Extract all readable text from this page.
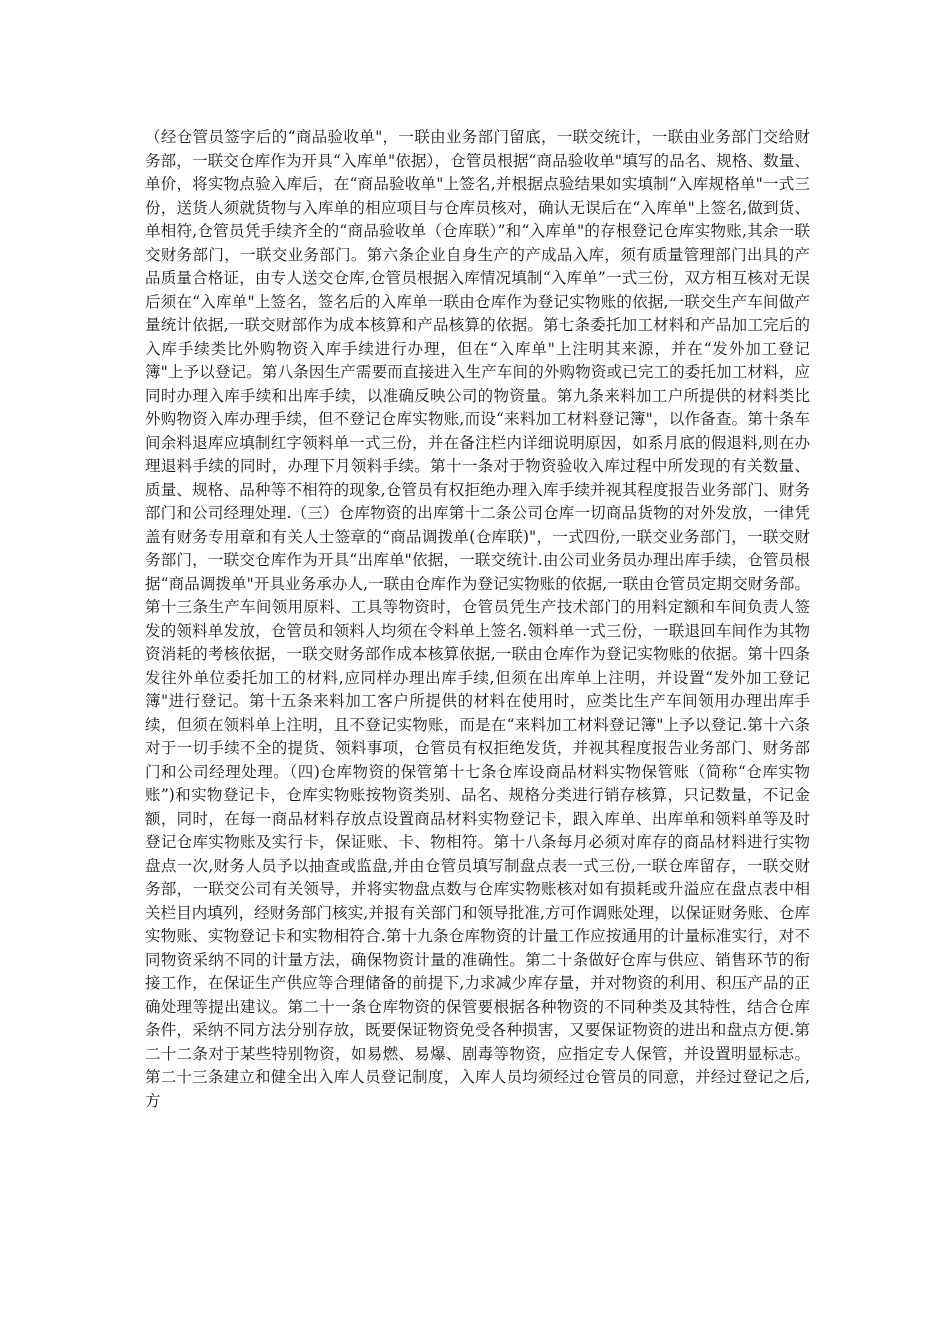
（经仓管员签字后的“商品验收单"，一联由业务部门留底，一联交统计，一联由业务部门交给财务部，一联交仓库作为开具“入库单"依据），仓管员根据“商品验收单"填写的品名、规格、数量、单价，将实物点验入库后，在“商品验收单"上签名,并根据点验结果如实填制“入库规格单"一式三份，送货人须就货物与入库单的相应项目与仓库员核对，确认无误后在“入库单"上签名,做到货、单相符,仓管员凭手续齐全的“商品验收单（仓库联）”和“入库单"的存根登记仓库实物账,其余一联交财务部门，一联交业务部门。第六条企业自身生产的产成品入库，须有质量管理部门出具的产品质量合格证，由专人送交仓库,仓管员根据入库情况填制“入库单”一式三份，双方相互核对无误后须在“入库单"上签名，签名后的入库单一联由仓库作为登记实物账的依据,一联交生产车间做产量统计依据,一联交财部作为成本核算和产品核算的依据。第七条委托加工材料和产品加工完后的入库手续类比外购物资入库手续进行办理，但在“入库单"上注明其来源，并在“发外加工登记簿"上予以登记。第八条因生产需要而直接进入生产车间的外购物资或已完工的委托加工材料，应同时办理入库手续和出库手续，以准确反映公司的物资量。第九条来料加工户所提供的材料类比外购物资入库办理手续，但不登记仓库实物账,而设“来料加工材料登记簿"，以作备查。第十条车间余料退库应填制红字领料单一式三份，并在备注栏内详细说明原因，如系月底的假退料,则在办理退料手续的同时，办理下月领料手续。第十一条对于物资验收入库过程中所发现的有关数量、质量、规格、品种等不相符的现象,仓管员有权拒绝办理入库手续并视其程度报告业务部门、财务部门和公司经理处理.（三）仓库物资的出库第十二条公司仓库一切商品货物的对外发放，一律凭盖有财务专用章和有关人士签章的“商品调拨单(仓库联)"，一式四份,一联交业务部门，一联交财务部门，一联交仓库作为开具“出库单"依据，一联交统计.由公司业务员办理出库手续，仓管员根据“商品调拨单"开具业务承办人,一联由仓库作为登记实物账的依据,一联由仓管员定期交财务部。第十三条生产车间领用原料、工具等物资时，仓管员凭生产技术部门的用料定额和车间负责人签发的领料单发放，仓管员和领料人均须在令料单上签名.领料单一式三份，一联退回车间作为其物资消耗的考核依据，一联交财务部作成本核算依据,一联由仓库作为登记实物账的依据。第十四条发往外单位委托加工的材料,应同样办理出库手续,但须在出库单上注明，并设置“发外加工登记簿"进行登记。第十五条来料加工客户所提供的材料在使用时，应类比生产车间领用办理出库手续，但须在领料单上注明，且不登记实物账，而是在“来料加工材料登记簿"上予以登记.第十六条对于一切手续不全的提货、领料事项，仓管员有权拒绝发货，并视其程度报告业务部门、财务部门和公司经理处理。（四)仓库物资的保管第十七条仓库设商品材料实物保管账（简称“仓库实物账”)和实物登记卡，仓库实物账按物资类别、品名、规格分类进行销存核算，只记数量，不记金额，同时，在每一商品材料存放点设置商品材料实物登记卡，跟入库单、出库单和领料单等及时登记仓库实物账及实行卡，保证账、卡、物相符。第十八条每月必须对库存的商品材料进行实物盘点一次,财务人员予以抽查或监盘,并由仓管员填写制盘点表一式三份,一联仓库留存，一联交财务部，一联交公司有关领导，并将实物盘点数与仓库实物账核对如有损耗或升溢应在盘点表中相关栏目内填列，经财务部门核实,并报有关部门和领导批准,方可作调账处理，以保证财务账、仓库实物账、实物登记卡和实物相符合.第十九条仓库物资的计量工作应按通用的计量标准实行，对不同物资采纳不同的计量方法，确保物资计量的准确性。第二十条做好仓库与供应、销售环节的衔接工作，在保证生产供应等合理储备的前提下,力求减少库存量，并对物资的利用、积压产品的正确处理等提出建议。第二十一条仓库物资的保管要根据各种物资的不同种类及其特性，结合仓库条件，采纳不同方法分别存放，既要保证物资免受各种损害，又要保证物资的进出和盘点方便.第二十二条对于某些特别物资，如易燃、易爆、剧毒等物资，应指定专人保管，并设置明显标志。第二十三条建立和健全出入库人员登记制度，入库人员均须经过仓管员的同意，并经过登记之后,方
